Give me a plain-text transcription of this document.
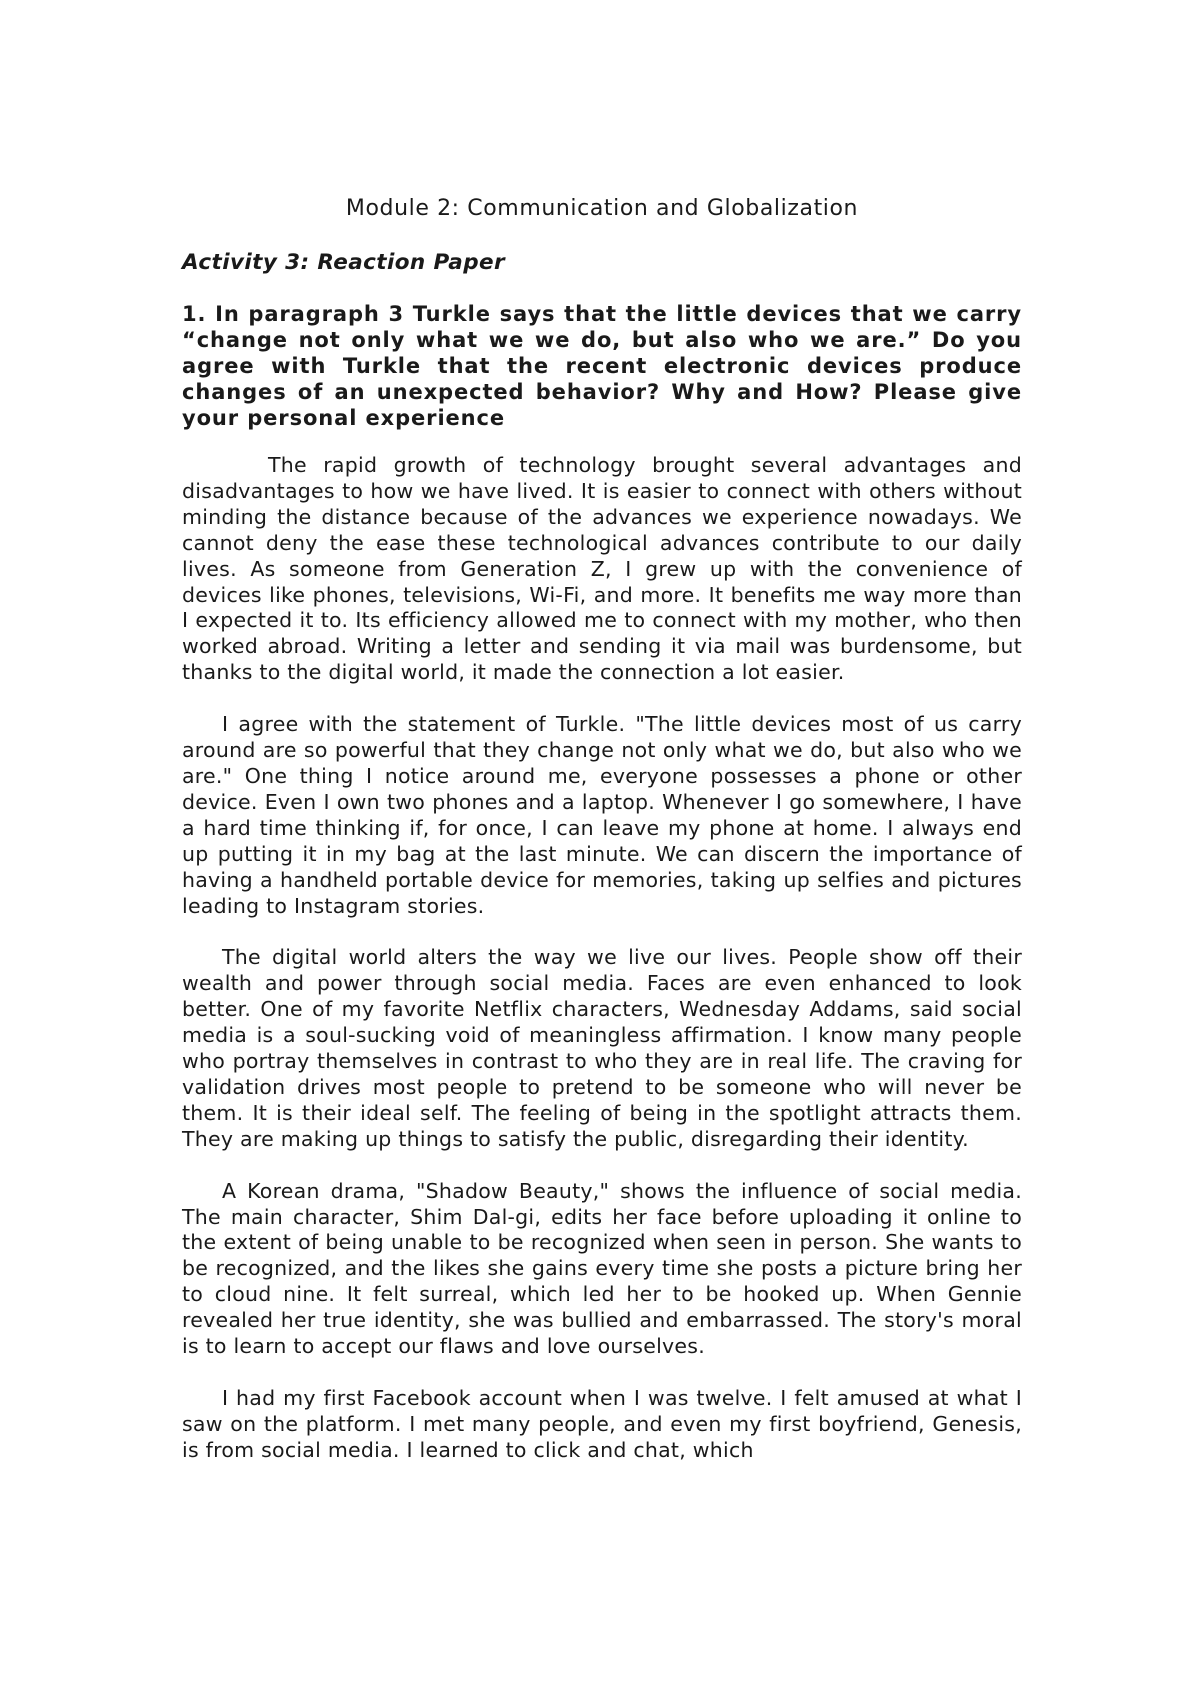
Module 2: Communication and Globalization
Activity 3: Reaction Paper

1. In paragraph 3 Turkle says that the little devices that we carry “change not only what we we do, but also who we are.” Do you agree with Turkle that the recent electronic devices produce changes of an unexpected behavior? Why and How? Please give your personal experience

The rapid growth of technology brought several advantages and disadvantages to how we have lived. It is easier to connect with others without minding the distance because of the advances we experience nowadays. We cannot deny the ease these technological advances contribute to our daily lives. As someone from Generation Z, I grew up with the convenience of devices like phones, televisions, Wi-Fi, and more. It benefits me way more than I expected it to. Its efficiency allowed me to connect with my mother, who then worked abroad. Writing a letter and sending it via mail was burdensome, but thanks to the digital world, it made the connection a lot easier.

I agree with the statement of Turkle. "The little devices most of us carry around are so powerful that they change not only what we do, but also who we are." One thing I notice around me, everyone possesses a phone or other device. Even I own two phones and a laptop. Whenever I go somewhere, I have a hard time thinking if, for once, I can leave my phone at home. I always end up putting it in my bag at the last minute. We can discern the importance of having a handheld portable device for memories, taking up selfies and pictures leading to Instagram stories.

The digital world alters the way we live our lives. People show off their wealth and power through social media. Faces are even enhanced to look better. One of my favorite Netflix characters, Wednesday Addams, said social media is a soul-sucking void of meaningless affirmation. I know many people who portray themselves in contrast to who they are in real life. The craving for validation drives most people to pretend to be someone who will never be them. It is their ideal self. The feeling of being in the spotlight attracts them. They are making up things to satisfy the public, disregarding their identity.

A Korean drama, "Shadow Beauty," shows the influence of social media. The main character, Shim Dal-gi, edits her face before uploading it online to the extent of being unable to be recognized when seen in person. She wants to be recognized, and the likes she gains every time she posts a picture bring her to cloud nine. It felt surreal, which led her to be hooked up. When Gennie revealed her true identity, she was bullied and embarrassed. The story's moral is to learn to accept our flaws and love ourselves.

I had my first Facebook account when I was twelve. I felt amused at what I saw on the platform. I met many people, and even my first boyfriend, Genesis, is from social media. I learned to click and chat, which
